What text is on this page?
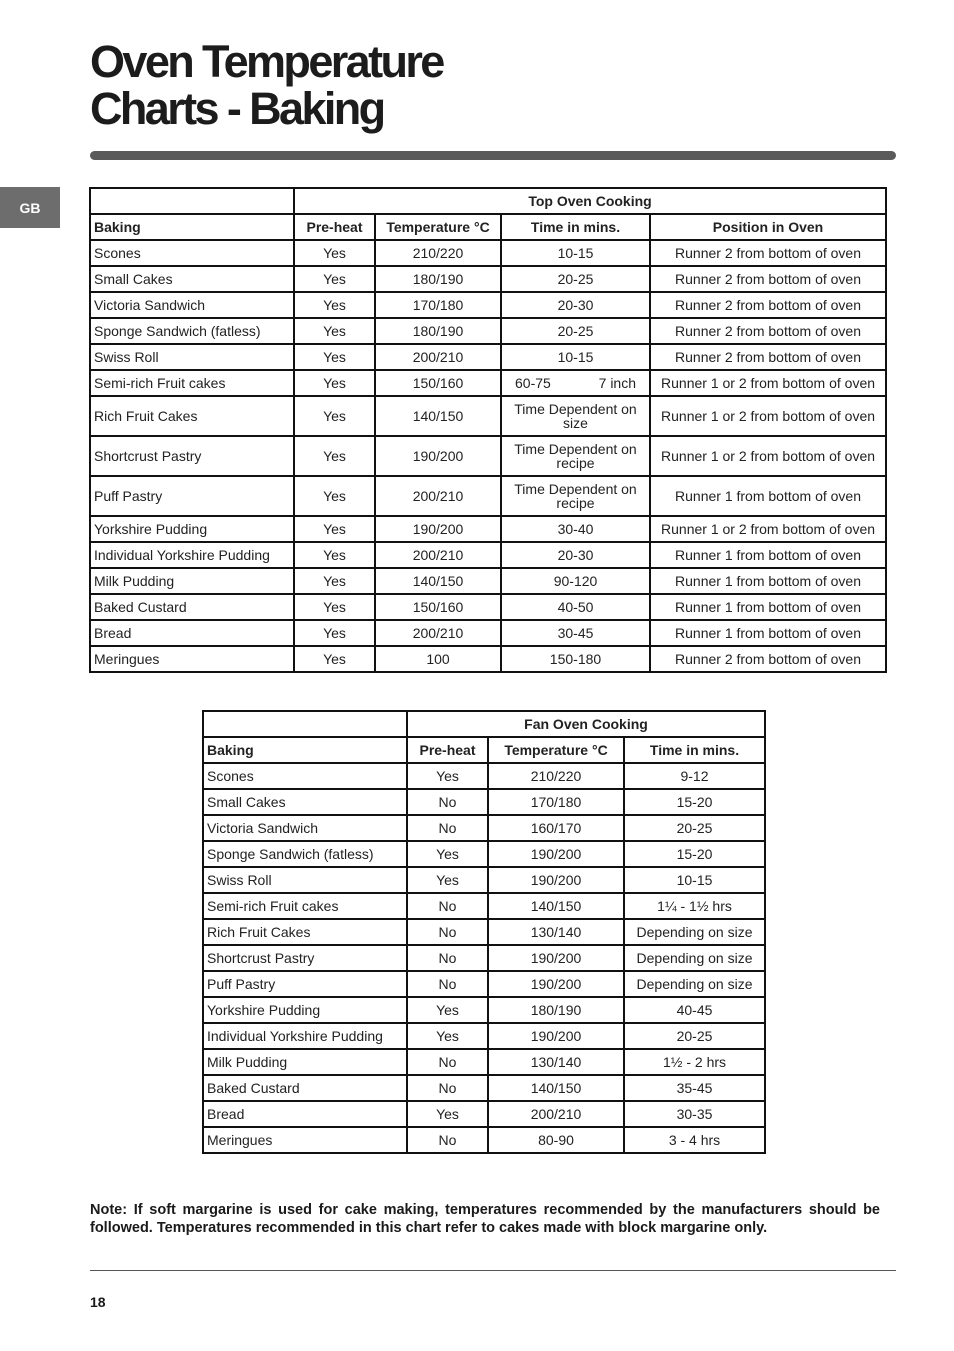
Oven Temperature
Charts - Baking
GB
		Top Oven Cooking			
Baking	Pre-heat	Temperature °C	Time in mins.	Position in Oven
Scones	Yes	210/220	10-15	Runner 2 from bottom of oven
Small Cakes	Yes	180/190	20-25	Runner 2 from bottom of oven
Victoria Sandwich	Yes	170/180	20-30	Runner 2 from bottom of oven
Sponge Sandwich (fatless)	Yes	180/190	20-25	Runner 2 from bottom of oven
Swiss Roll	Yes	200/210	10-15	Runner 2 from bottom of oven
Semi-rich Fruit cakes	Yes	150/160	60-75 7 inch	Runner 1 or 2 from bottom of oven
Rich Fruit Cakes	Yes	140/150	Time Dependent on size	Runner 1 or 2 from bottom of oven
Shortcrust Pastry	Yes	190/200	Time Dependent on recipe	Runner 1 or 2 from bottom of oven
Puff Pastry	Yes	200/210	Time Dependent on recipe	Runner 1 from bottom of oven
Yorkshire Pudding	Yes	190/200	30-40	Runner 1 or 2 from bottom of oven
Individual Yorkshire Pudding	Yes	200/210	20-30	Runner 1 from bottom of oven
Milk Pudding	Yes	140/150	90-120	Runner 1 from bottom of oven
Baked Custard	Yes	150/160	40-50	Runner 1 from bottom of oven
Bread	Yes	200/210	30-45	Runner 1 from bottom of oven
Meringues	Yes	100	150-180	Runner 2 from bottom of oven
	Fan Oven Cooking		
Baking	Pre-heat	Temperature °C	Time in mins.
Scones	Yes	210/220	9-12
Small Cakes	No	170/180	15-20
Victoria Sandwich	No	160/170	20-25
Sponge Sandwich (fatless)	Yes	190/200	15-20
Swiss Roll	Yes	190/200	10-15
Semi-rich Fruit cakes	No	140/150	1¼ - 1½ hrs
Rich Fruit Cakes	No	130/140	Depending on size
Shortcrust Pastry	No	190/200	Depending on size
Puff Pastry	No	190/200	Depending on size
Yorkshire Pudding	Yes	180/190	40-45
Individual Yorkshire Pudding	Yes	190/200	20-25
Milk Pudding	No	130/140	1½ - 2 hrs
Baked Custard	No	140/150	35-45
Bread	Yes	200/210	30-35
Meringues	No	80-90	3 - 4 hrs
Note: If soft margarine is used for cake making, temperatures recommended by the manufacturers should be followed. Temperatures recommended in this chart refer to cakes made with block margarine only.
18
